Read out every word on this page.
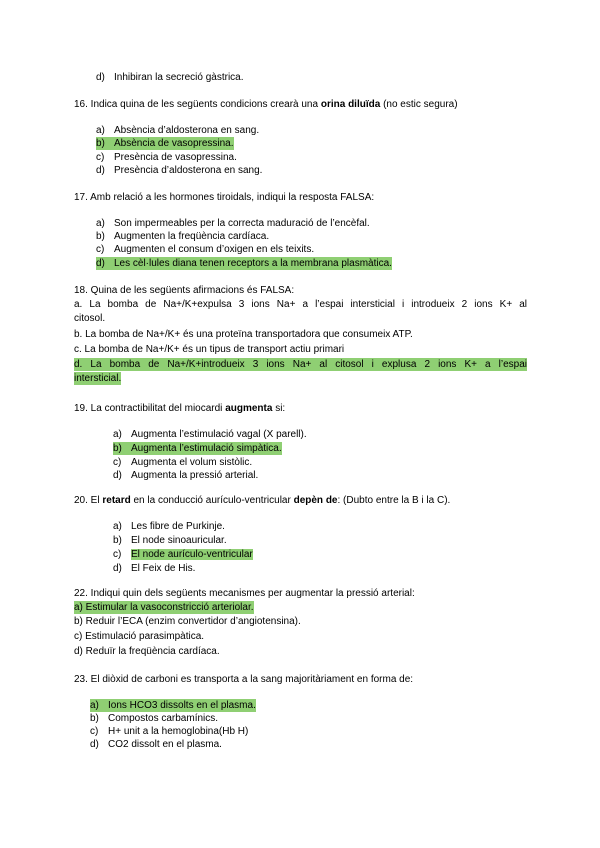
d) Inhibiran la secreció gàstrica.
16. Indica quina de les següents condicions crearà una orina diluïda (no estic segura)
a) Absència d’aldosterona en sang.
b) Absència de vasopressina.
c) Presència de vasopressina.
d) Presència d’aldosterona en sang.
17. Amb relació a les hormones tiroidals, indiqui la resposta FALSA:
a) Son impermeables per la correcta maduració de l’encèfal.
b) Augmenten la freqüència cardíaca.
c) Augmenten el consum d’oxigen en els teixits.
d) Les cèl·lules diana tenen receptors a la membrana plasmàtica.
18. Quina de les següents afirmacions és FALSA:
a. La bomba de Na+/K+expulsa 3 ions Na+ a l’espai intersticial i introdueix 2 ions K+ al
citosol.
b. La bomba de Na+/K+ és una proteïna transportadora que consumeix ATP.
c. La bomba de Na+/K+ és un tipus de transport actiu primari
d. La bomba de Na+/K+introdueix 3 ions Na+ al citosol i explusa 2 ions K+ a l’espai
intersticial.
19. La contractibilitat del miocardi augmenta si:
a) Augmenta l’estimulació vagal (X parell).
b) Augmenta l’estimulació simpàtica.
c) Augmenta el volum sistòlic.
d) Augmenta la pressió arterial.
20. El retard en la conducció aurículo-ventricular depèn de: (Dubto entre la B i la C).
a) Les fibre de Purkinje.
b) El node sinoauricular.
c) El node aurículo-ventricular
d) El Feix de His.
22. Indiqui quin dels següents mecanismes per augmentar la pressió arterial:
a) Estimular la vasoconstricció arteriolar.
b) Reduir l’ECA (enzim convertidor d’angiotensina).
c) Estimulació parasimpàtica.
d) Reduïr la freqüència cardíaca.
23. El diòxid de carboni es transporta a la sang majoritàriament en forma de:
a) Ions HCO3 dissolts en el plasma.
b) Compostos carbamínics.
c) H+ unit a la hemoglobina(Hb H)
d) CO2 dissolt en el plasma.
